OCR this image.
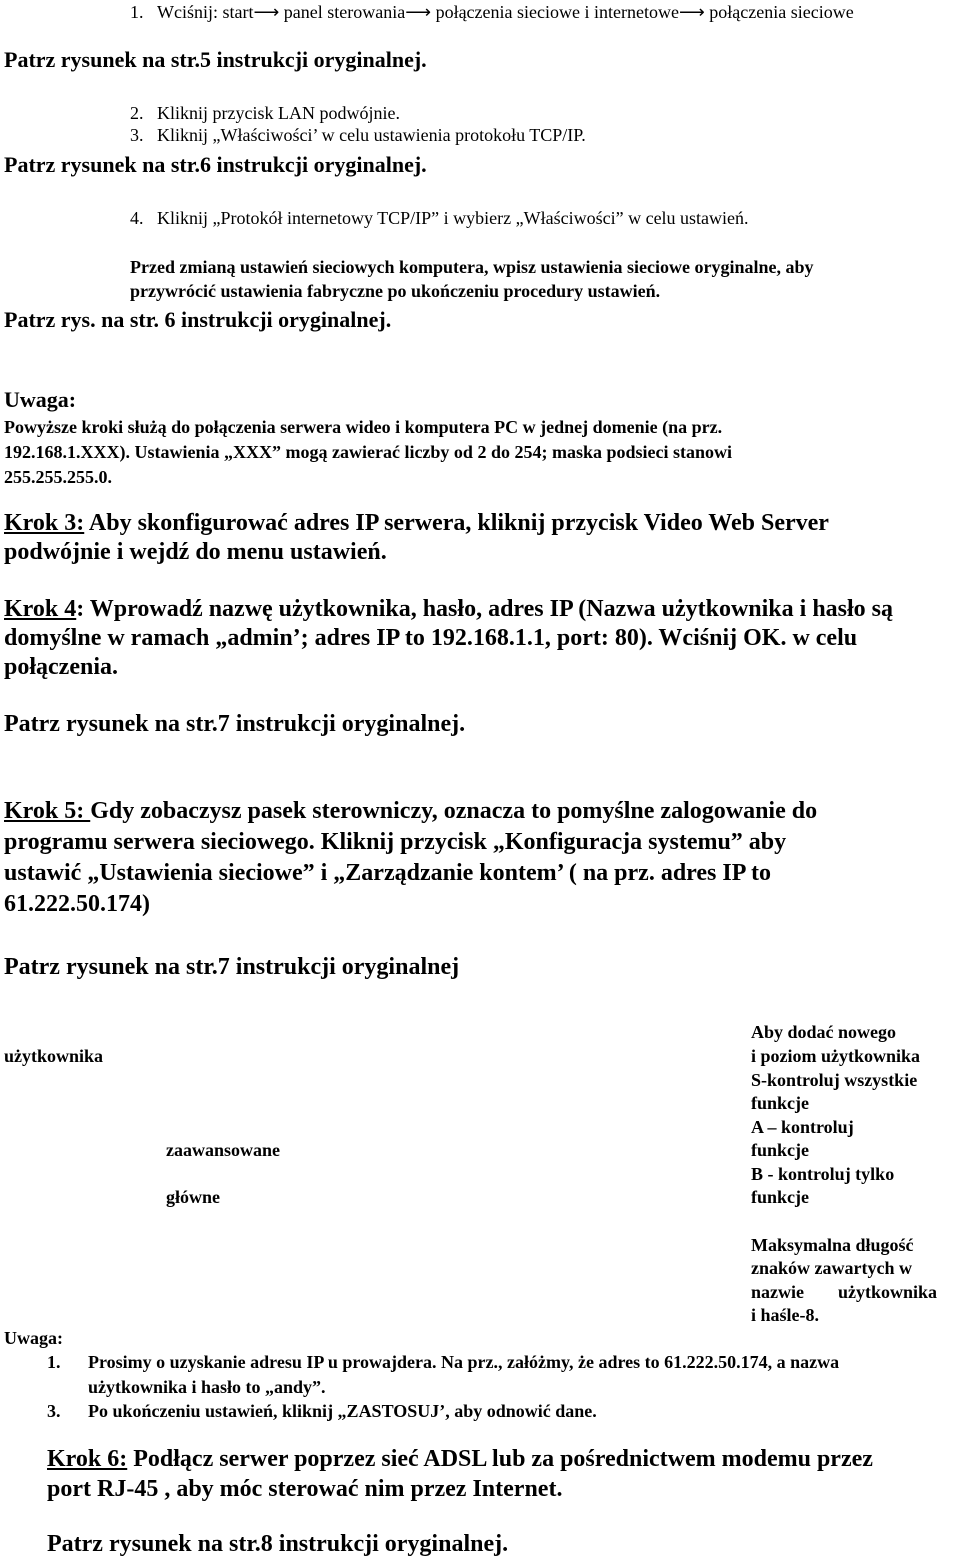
1. Wciśnij: start⟶ panel sterowania⟶ połączenia sieciowe i internetowe⟶ połączenia sieciowe
Patrz rysunek na str.5 instrukcji oryginalnej.
2. Kliknij przycisk LAN podwójnie.
3. Kliknij „Właściwości’ w celu ustawienia protokołu TCP/IP.
Patrz rysunek na str.6 instrukcji oryginalnej.
4. Kliknij „Protokół internetowy TCP/IP” i wybierz „Właściwości” w celu ustawień.
Przed zmianą ustawień sieciowych komputera, wpisz ustawienia sieciowe oryginalne, aby
przywrócić ustawienia fabryczne po ukończeniu procedury ustawień.
Patrz rys. na str. 6 instrukcji oryginalnej.
Uwaga:
Powyższe kroki służą do połączenia serwera wideo i komputera PC w jednej domenie (na prz.
192.168.1.XXX). Ustawienia „XXX” mogą zawierać liczby od 2 do 254; maska podsieci stanowi
255.255.255.0.
Krok 3: Aby skonfigurować adres IP serwera, kliknij przycisk Video Web Server
podwójnie i wejdź do menu ustawień.
Krok 4: Wprowadź nazwę użytkownika, hasło, adres IP (Nazwa użytkownika i hasło są
domyślne w ramach „admin’; adres IP to 192.168.1.1, port: 80). Wciśnij OK. w celu
połączenia.
Patrz rysunek na str.7 instrukcji oryginalnej.
Krok 5: Gdy zobaczysz pasek sterowniczy, oznacza to pomyślne zalogowanie do
programu serwera sieciowego. Kliknij przycisk „Konfiguracja systemu” aby
ustawić „Ustawienia sieciowe” i „Zarządzanie kontem’ ( na prz. adres IP to
61.222.50.174)
Patrz rysunek na str.7 instrukcji oryginalnej
użytkownika
zaawansowane
główne
Aby dodać nowego
i poziom użytkownika
S-kontroluj wszystkie
funkcje
A – kontroluj
funkcje
B - kontroluj tylko
funkcje
Maksymalna długość
znaków zawartych w
nazwie użytkownika
i haśle-8.
Uwaga:
1. Prosimy o uzyskanie adresu IP u prowajdera. Na prz., załóżmy, że adres to 61.222.50.174, a nazwa
użytkownika i hasło to „andy”.
3. Po ukończeniu ustawień, kliknij „ZASTOSUJ’, aby odnowić dane.
Krok 6: Podłącz serwer poprzez sieć ADSL lub za pośrednictwem modemu przez
port RJ-45 , aby móc sterować nim przez Internet.
Patrz rysunek na str.8 instrukcji oryginalnej.
